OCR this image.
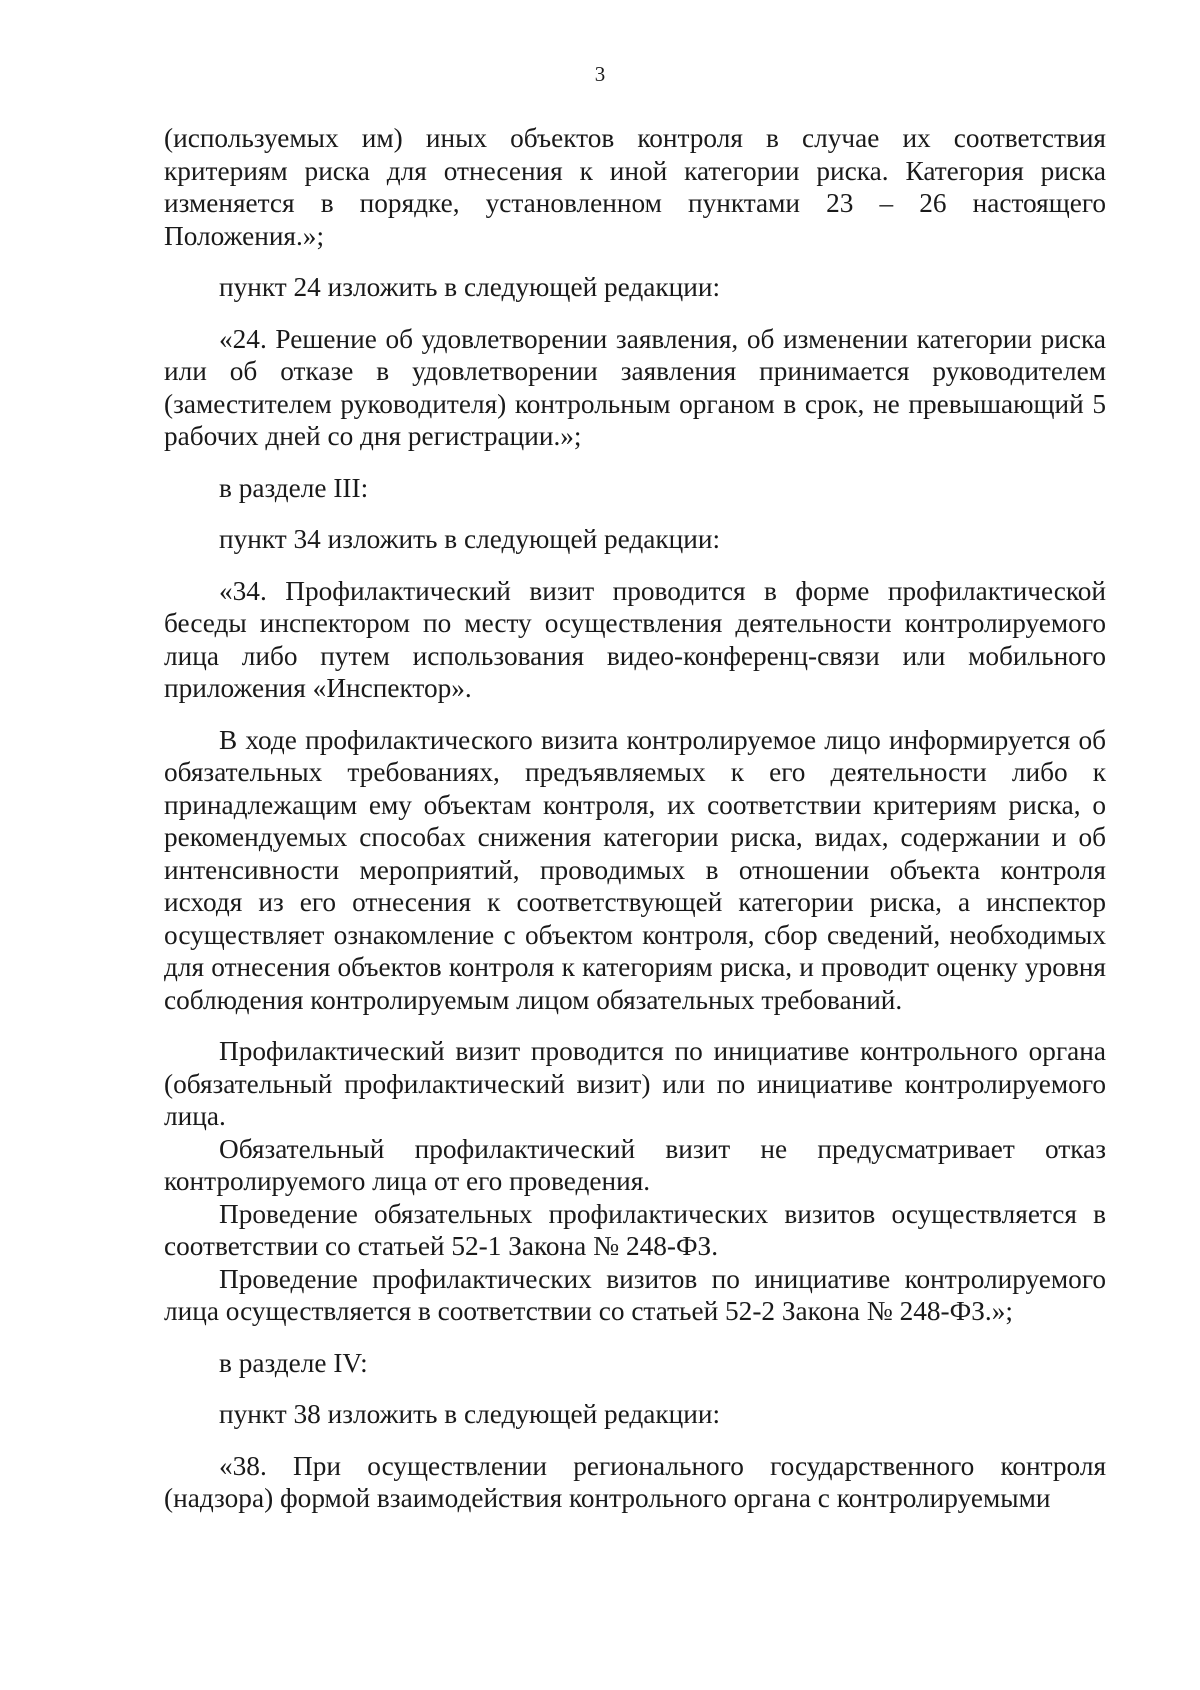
3

(используемых им) иных объектов контроля в случае их соответствия критериям риска для отнесения к иной категории риска. Категория риска изменяется в порядке, установленном пунктами 23 – 26 настоящего Положения.»;

пункт 24 изложить в следующей редакции:

«24. Решение об удовлетворении заявления, об изменении категории риска или об отказе в удовлетворении заявления принимается руководителем (заместителем руководителя) контрольным органом в срок, не превышающий 5 рабочих дней со дня регистрации.»;

в разделе III:

пункт 34 изложить в следующей редакции:

«34. Профилактический визит проводится в форме профилактической беседы инспектором по месту осуществления деятельности контролируемого лица либо путем использования видео-конференц-связи или мобильного приложения «Инспектор».

В ходе профилактического визита контролируемое лицо информируется об обязательных требованиях, предъявляемых к его деятельности либо к принадлежащим ему объектам контроля, их соответствии критериям риска, о рекомендуемых способах снижения категории риска, видах, содержании и об интенсивности мероприятий, проводимых в отношении объекта контроля исходя из его отнесения к соответствующей категории риска, а инспектор осуществляет ознакомление с объектом контроля, сбор сведений, необходимых для отнесения объектов контроля к категориям риска, и проводит оценку уровня соблюдения контролируемым лицом обязательных требований.

Профилактический визит проводится по инициативе контрольного органа (обязательный профилактический визит) или по инициативе контролируемого лица.

Обязательный профилактический визит не предусматривает отказ контролируемого лица от его проведения.

Проведение обязательных профилактических визитов осуществляется в соответствии со статьей 52-1 Закона № 248-ФЗ.

Проведение профилактических визитов по инициативе контролируемого лица осуществляется в соответствии со статьей 52-2 Закона № 248-ФЗ.»;

в разделе IV:

пункт 38 изложить в следующей редакции:

«38. При осуществлении регионального государственного контроля (надзора) формой взаимодействия контрольного органа с контролируемыми
